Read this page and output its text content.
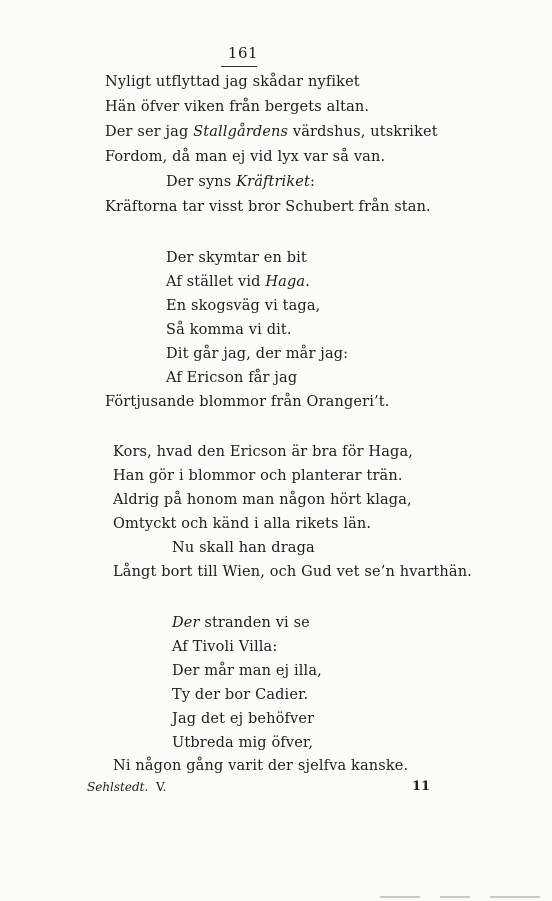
161
Nyligt utflyttad jag skådar nyfiket
Hän öfver viken från bergets altan.
Der ser jag Stallgårdens värdshus, utskriket
Fordom, då man ej vid lyx var så van.
Der syns Kräftriket:
Kräftorna tar visst bror Schubert från stan.
Der skymtar en bit
Af stället vid Haga.
En skogsväg vi taga,
Så komma vi dit.
Dit går jag, der mår jag:
Af Ericson får jag
Förtjusande blommor från Orangeri’t.
Kors, hvad den Ericson är bra för Haga,
Han gör i blommor och planterar trän.
Aldrig på honom man någon hört klaga,
Omtyckt och känd i alla rikets län.
Nu skall han draga
Långt bort till Wien, och Gud vet se’n hvarthän.
Der stranden vi se
Af Tivoli Villa:
Der mår man ej illa,
Ty der bor Cadier.
Jag det ej behöfver
Utbreda mig öfver,
Ni någon gång varit der sjelfva kanske.
Sehlstedt. V.	11
